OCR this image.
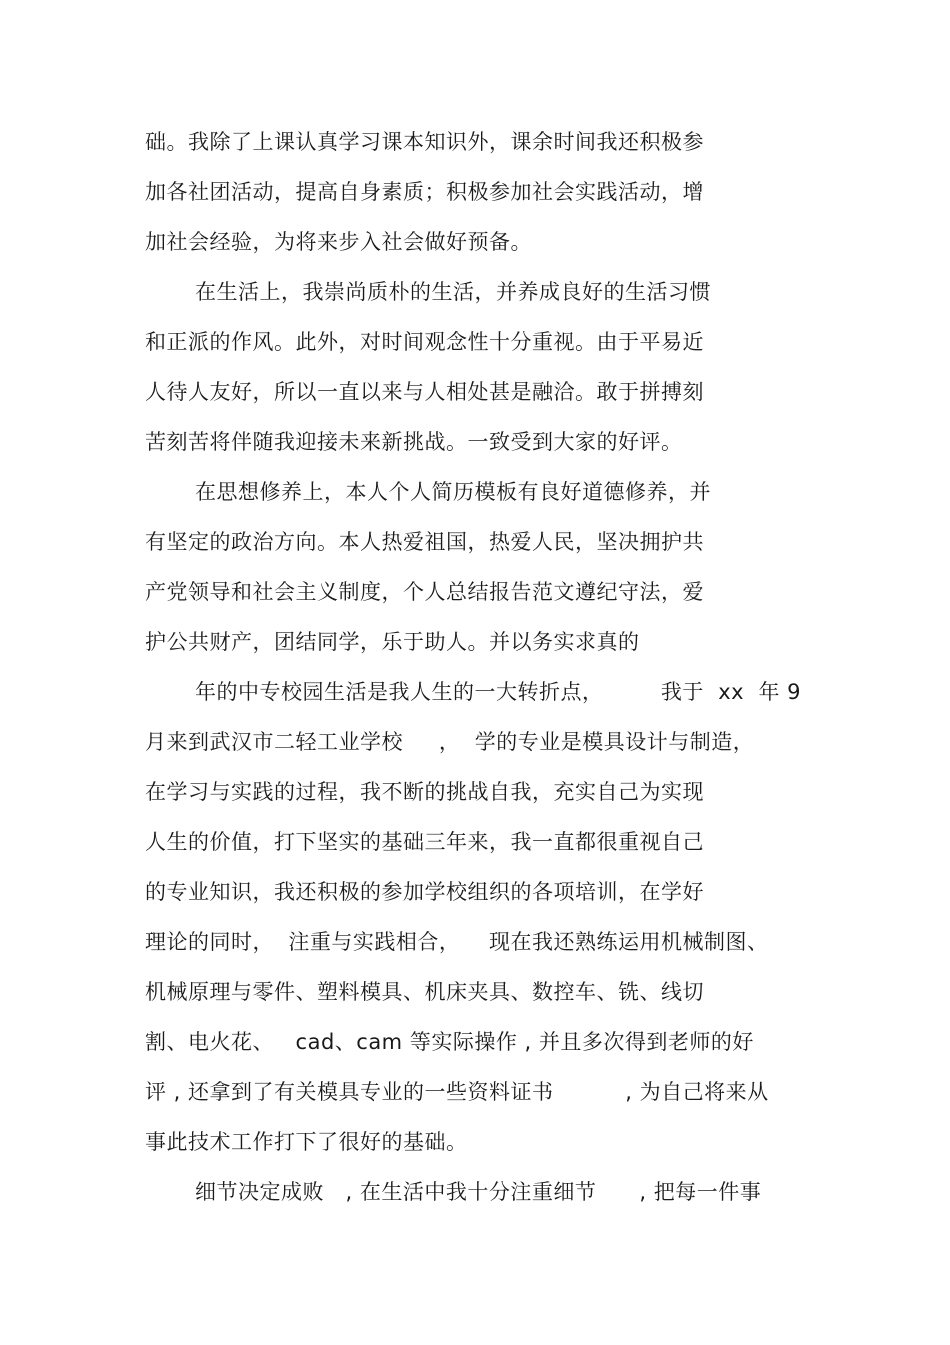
础。我除了上课认真学习课本知识外，课余时间我还积极参
加各社团活动，提高自身素质；积极参加社会实践活动，增
加社会经验，为将来步入社会做好预备。
在生活上，我崇尚质朴的生活，并养成良好的生活习惯
和正派的作风。此外，对时间观念性十分重视。由于平易近
人待人友好，所以一直以来与人相处甚是融洽。敢于拼搏刻
苦刻苦将伴随我迎接未来新挑战。一致受到大家的好评。
在思想修养上，本人个人简历模板有良好道德修养，并
有坚定的政治方向。本人热爱祖国，热爱人民，坚决拥护共
产党领导和社会主义制度，个人总结报告范文遵纪守法，爱
护公共财产，团结同学，乐于助人。并以务实求真的
年的中专校园生活是我人生的一大转折点，        我于  xx  年 9
月来到武汉市二轻工业学校     ，  学的专业是模具设计与制造，
在学习与实践的过程，我不断的挑战自我，充实自己为实现
人生的价值，打下坚实的基础三年来，我一直都很重视自己
的专业知识，我还积极的参加学校组织的各项培训，在学好
理论的同时，  注重与实践相合，    现在我还熟练运用机械制图、
机械原理与零件、塑料模具、机床夹具、数控车、铣、线切
割、电火花、   cad、cam 等实际操作 , 并且多次得到老师的好
评 , 还拿到了有关模具专业的一些资料证书          , 为自己将来从
事此技术工作打下了很好的基础。
细节决定成败   , 在生活中我十分注重细节      , 把每一件事
